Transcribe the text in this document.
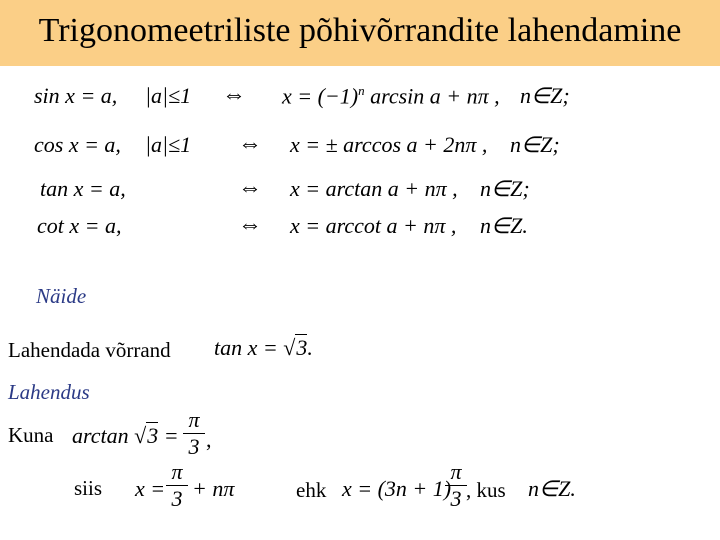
Trigonomeetriliste põhivõrrandite lahendamine
sin x = a, |a|≤1 ⇔ $x = (-1)^n$ arcsin a + nπ , n∈Z;
cos x = a, |a|≤1 ⇔ x = ± arccos a + 2nπ , n∈Z;
tan x = a,	⇔ x = arctan a + nπ , n∈Z;
cot x = a,	⇔ x = arccot a + nπ , n∈Z.
Näide
Lahendada võrrand tan x = √3.
Lahendus
Kuna arctan √3 =
π
3 ,
siis x =
π
3 + nπ	ehk x = (3n + 1)
π
3 , kus n∈Z.
